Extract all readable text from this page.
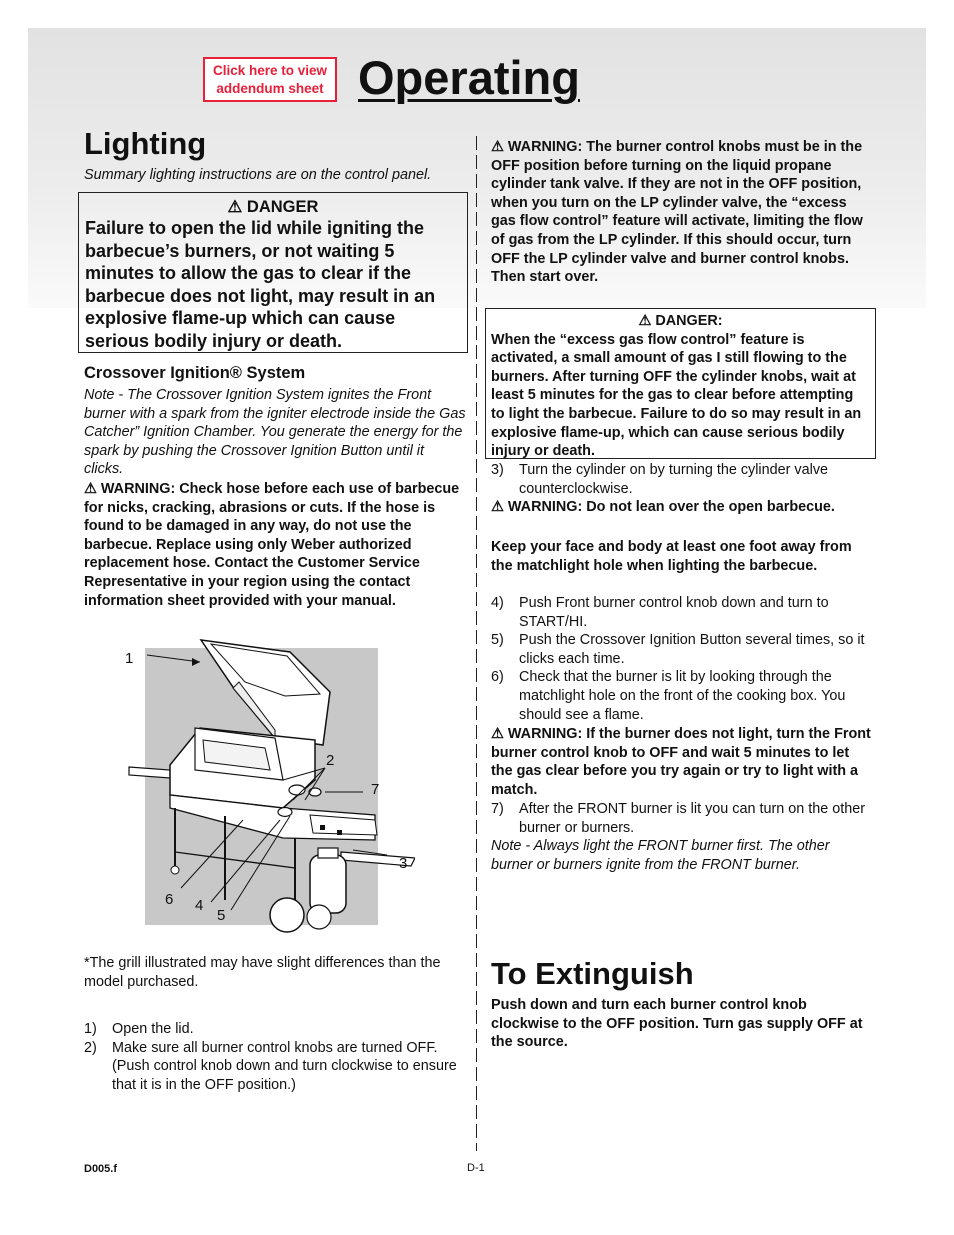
Click here to view addendum sheet Operating
Lighting

Summary lighting instructions are on the control panel.

⚠ DANGER
Failure to open the lid while igniting the barbecue’s burners, or not waiting 5 minutes to allow the gas to clear if the barbecue does not light, may result in an explosive flame-up which can cause serious bodily injury or death.
Crossover Ignition® System

Note - The Crossover Ignition System ignites the Front burner with a spark from the igniter electrode inside the Gas Catcher” Ignition Chamber. You generate the energy for the spark by pushing the Crossover Ignition Button until it clicks.

⚠ WARNING: Check hose before each use of barbecue for nicks, cracking, abrasions or cuts. If the hose is found to be damaged in any way, do not use the barbecue. Replace using only Weber authorized replacement hose. Contact the Customer Service Representative in your region using the contact information sheet provided with your manual.

1
2
7
3
6 4
5

*The grill illustrated may have slight differences than the model purchased.

1) Open the lid.
2) Make sure all burner control knobs are turned OFF. (Push control knob down and turn clockwise to ensure that it is in the OFF position.)

⚠ WARNING: The burner control knobs must be in the OFF position before turning on the liquid propane cylinder tank valve. If they are not in the OFF position, when you turn on the LP cylinder valve, the “excess gas flow control” feature will activate, limiting the flow of gas from the LP cylinder. If this should occur, turn OFF the LP cylinder valve and burner control knobs. Then start over.

⚠ DANGER:
When the “excess gas flow control” feature is activated, a small amount of gas I still flowing to the burners. After turning OFF the cylinder knobs, wait at least 5 minutes for the gas to clear before attempting to light the barbecue. Failure to do so may result in an explosive flame-up, which can cause serious bodily injury or death.
3) Turn the cylinder on by turning the cylinder valve counterclockwise.

⚠ WARNING: Do not lean over the open barbecue.

Keep your face and body at least one foot away from the matchlight hole when lighting the barbecue.

4) Push Front burner control knob down and turn to START/HI.
5) Push the Crossover Ignition Button several times, so it clicks each time.
6) Check that the burner is lit by looking through the matchlight hole on the front of the cooking box. You should see a flame.

⚠ WARNING: If the burner does not light, turn the Front burner control knob to OFF and wait 5 minutes to let the gas clear before you try again or try to light with a match.

7) After the FRONT burner is lit you can turn on the other burner or burners.

Note - Always light the FRONT burner first. The other burner or burners ignite from the FRONT burner.

To Extinguish

Push down and turn each burner control knob clockwise to the OFF position. Turn gas supply OFF at the source.

D005.f	D-1
